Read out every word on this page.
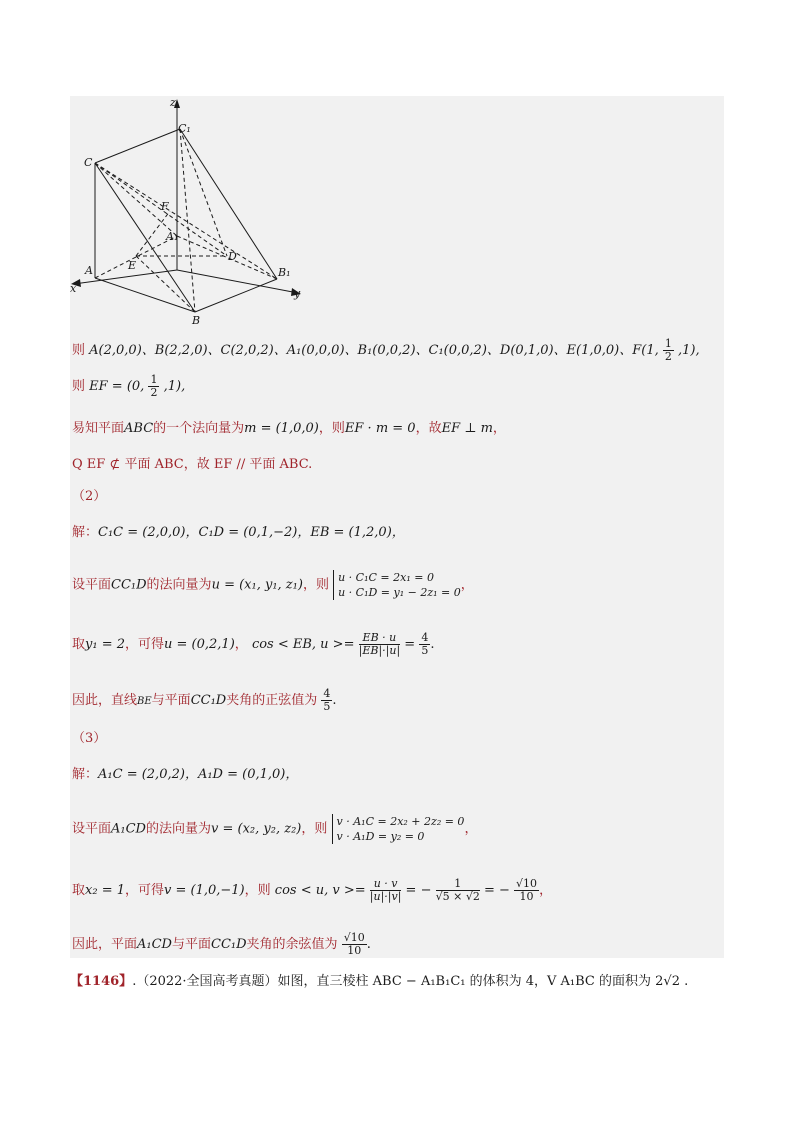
z
y
x
C₁
C
F
A₁
D
E
A	B₁
B
则 A(2,0,0)、B(2,2,0)、C(2,0,2)、A₁(0,0,0)、B₁(0,0,2)、C₁(0,0,2)、D(0,1,0)、E(1,0,0)、F(1, $\frac{1}{2} ,1$),
则 EF = (0, $\frac{1}{2} ,1$),
易知平面ABC的一个法向量为m = (1,0,0)，则EF · m = 0，故EF ⊥ m，
Q EF ⊄ 平面 ABC，故 EF // 平面 ABC.
（2）
解：C₁C = (2,0,0)，C₁D = (0,1,−2)，EB = (1,2,0)，
设平面CC₁D的法向量为u = (x₁, y₁, z₁)，则 u · C₁C = 2x₁ = 0
u · C₁D = y₁ − 2z₁ = 0 ，
取y₁ = 2，可得u = (0,2,1)， cos < EB, $u >= \frac{EB \cdot u}{|EB|\cdot|u|} = \frac{4}{5}$ .
因此，直线BE与平面CC₁D夹角的正弦值为 $\frac{4}{5}$ .
（3）
解：A₁C = (2,0,2)，A₁D = (0,1,0)，
设平面A₁CD的法向量为v = (x₂, y₂, z₂)，则 v · A₁C = 2x₂ + 2z₂ = 0
v · A₁D = y₂ = 0	，
取x₂ = 1，可得v = (1,0,−1)，则 cos < u, $v >= \frac{u \cdot v}{|u|\cdot|v|}$ = − $\frac{1}{√5 \times √2}$ = − $\frac{√10}{10}$ ，
因此，平面A₁CD与平面CC₁D夹角的余弦值为 $\frac{√10}{10}$ .
【1146】.（2022·全国高考真题）如图，直三棱柱 ABC − A₁B₁C₁ 的体积为 4，V A₁BC 的面积为 2√2 .
